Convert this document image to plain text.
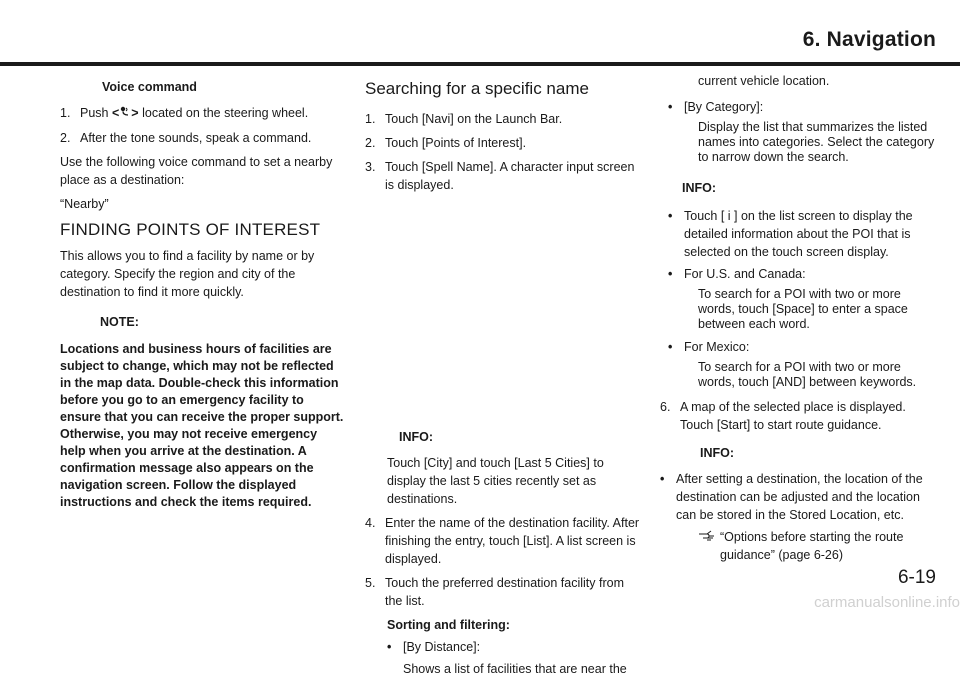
6. Navigation
Voice command
1. Push < > located on the steering wheel.
2. After the tone sounds, speak a command.

Use the following voice command to set a nearby place as a destination:

“Nearby”

FINDING POINTS OF INTEREST

This allows you to find a facility by name or by category. Specify the region and city of the destination to find it more quickly.

NOTE:
Locations and business hours of facilities are subject to change, which may not be reflected in the map data. Double-check this information before you go to an emergency facility to ensure that you can receive the proper support. Otherwise, you may not receive emergency help when you arrive at the destination. A confirmation message also appears on the navigation screen. Follow the displayed instructions and check the items required.
Searching for a specific name
1. Touch [Navi] on the Launch Bar.
2. Touch [Points of Interest].
3. Touch [Spell Name]. A character input screen is displayed.
INFO:

Touch [City] and touch [Last 5 Cities] to display the last 5 cities recently set as destinations.

4. Enter the name of the destination facility. After finishing the entry, touch [List]. A list screen is displayed.
5. Touch the preferred destination facility from the list.
Sorting and filtering:
• [By Distance]:

Shows a list of facilities that are near the

current vehicle location.

• [By Category]:

Display the list that summarizes the listed names into categories. Select the category to narrow down the search.

INFO:
• Touch [ i ] on the list screen to display the detailed information about the POI that is selected on the touch screen display.
• For U.S. and Canada:

To search for a POI with two or more words, touch [Space] to enter a space between each word.

• For Mexico:

To search for a POI with two or more words, touch [AND] between keywords.

6. A map of the selected place is displayed. Touch [Start] to start route guidance.
INFO:
• After setting a destination, the location of the destination can be adjusted and the location can be stored in the Stored Location, etc.
“Options before starting the route guidance” (page 6-26)
6-19
carmanualsonline.info
